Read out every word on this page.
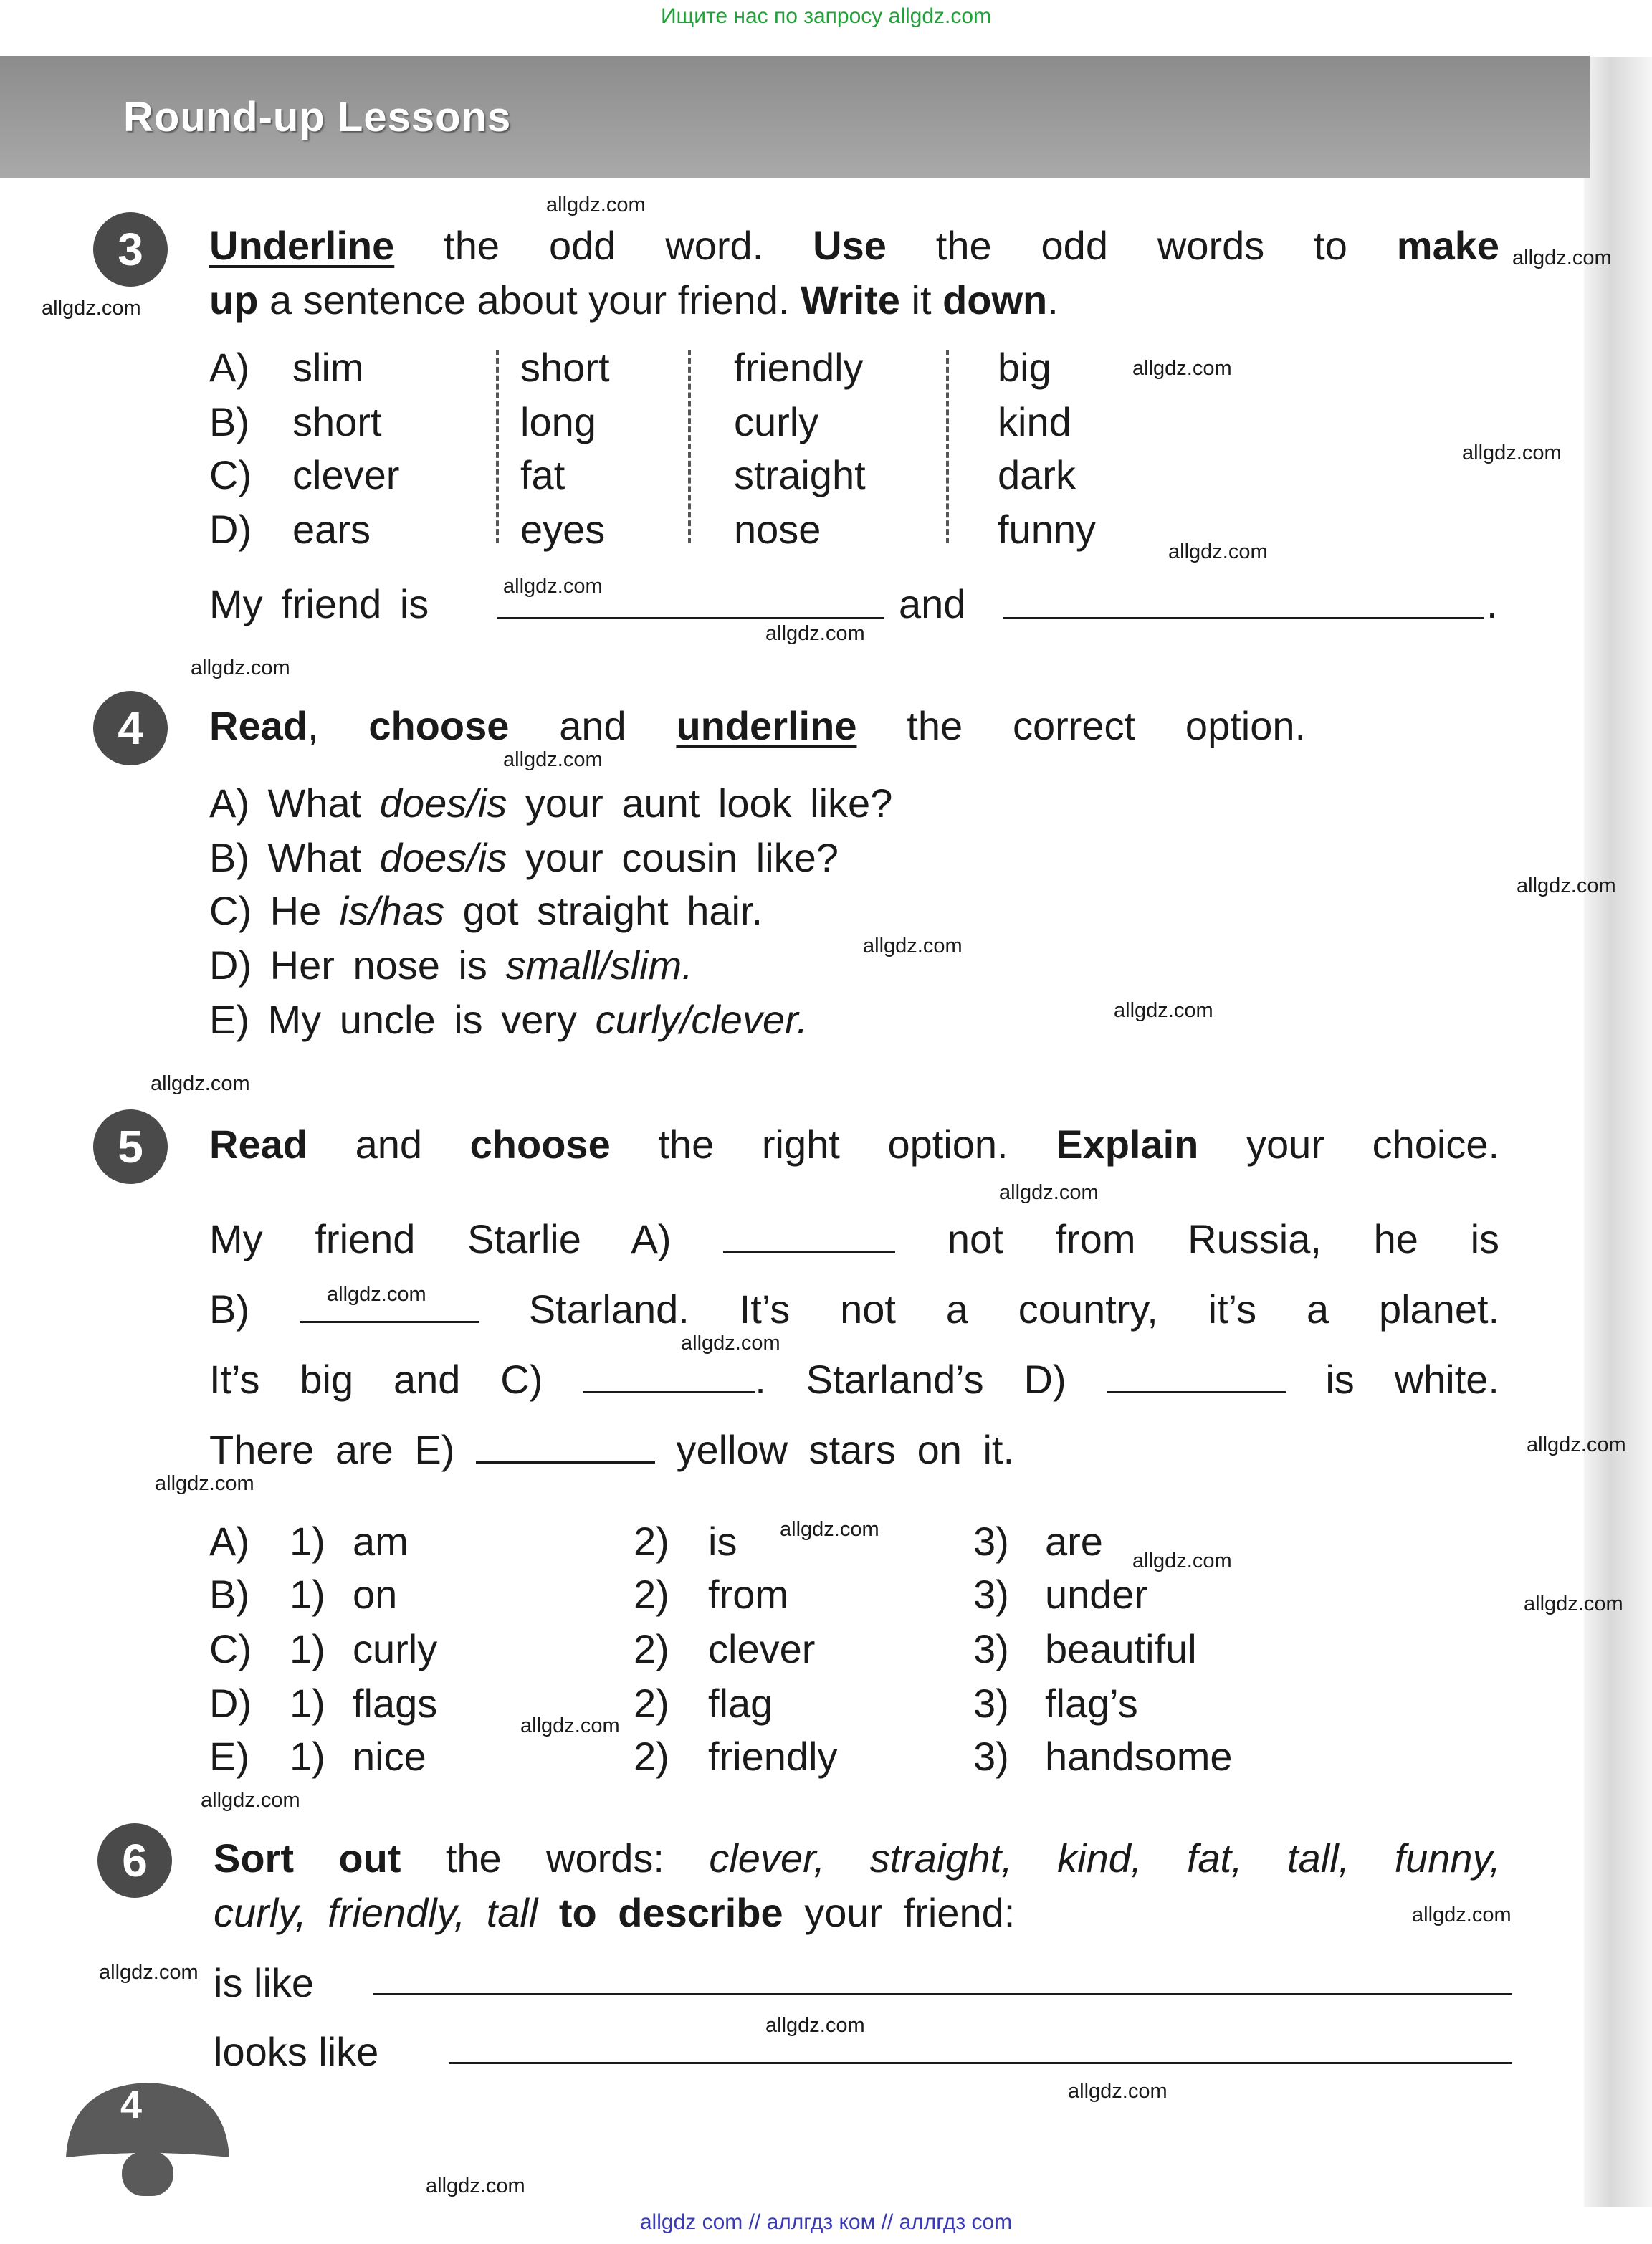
Ищите нас по запросу allgdz.com
Round-up Lessons
3	Underline the odd word. Use the odd words to make
up a sentence about your friend. Write it down.
A) slim	short	friendly	big
B) short	long	curly	kind
C) clever	fat	straight	dark
D) ears	eyes	nose	funny
My friend is	and	.
4	Read, choose and underline the correct option.
A) What does/is your aunt look like?
B) What does/is your cousin like?
C) He is/has got straight hair.
D) Her nose is small/slim.
E) My uncle is very curly/clever.
5	Read and choose the right option. Explain your choice.
My friend Starlie A)	not from Russia, he is
B)	Starland. It’s not a country, it’s a planet.
It’s big and C)	. Starland’s D)	is white.
There are E)	yellow stars on it.
A) 1) am	2) is	3) are
B) 1) on	2) from	3) under
C) 1) curly	2) clever	3) beautiful
D) 1) flags	2) flag	3) flag’s
E) 1) nice	2) friendly	3) handsome
6	Sort out the words: clever, straight, kind, fat, tall, funny,
curly, friendly, tall to describe your friend:
is like
looks like
4
allgdz.com
allgdz.com
allgdz.com
allgdz.com
allgdz.com
allgdz.com
allgdz.com
allgdz.com
allgdz.com
allgdz.com
allgdz.com
allgdz.com
allgdz.com
allgdz.com
allgdz.com
allgdz.com
allgdz.com
allgdz.com
allgdz.com
allgdz.com
allgdz.com
allgdz.com
allgdz.com
allgdz.com
allgdz.com
allgdz.com
allgdz.com
allgdz.com
allgdz.com
allgdz com // аллгдз ком // аллгдз com
